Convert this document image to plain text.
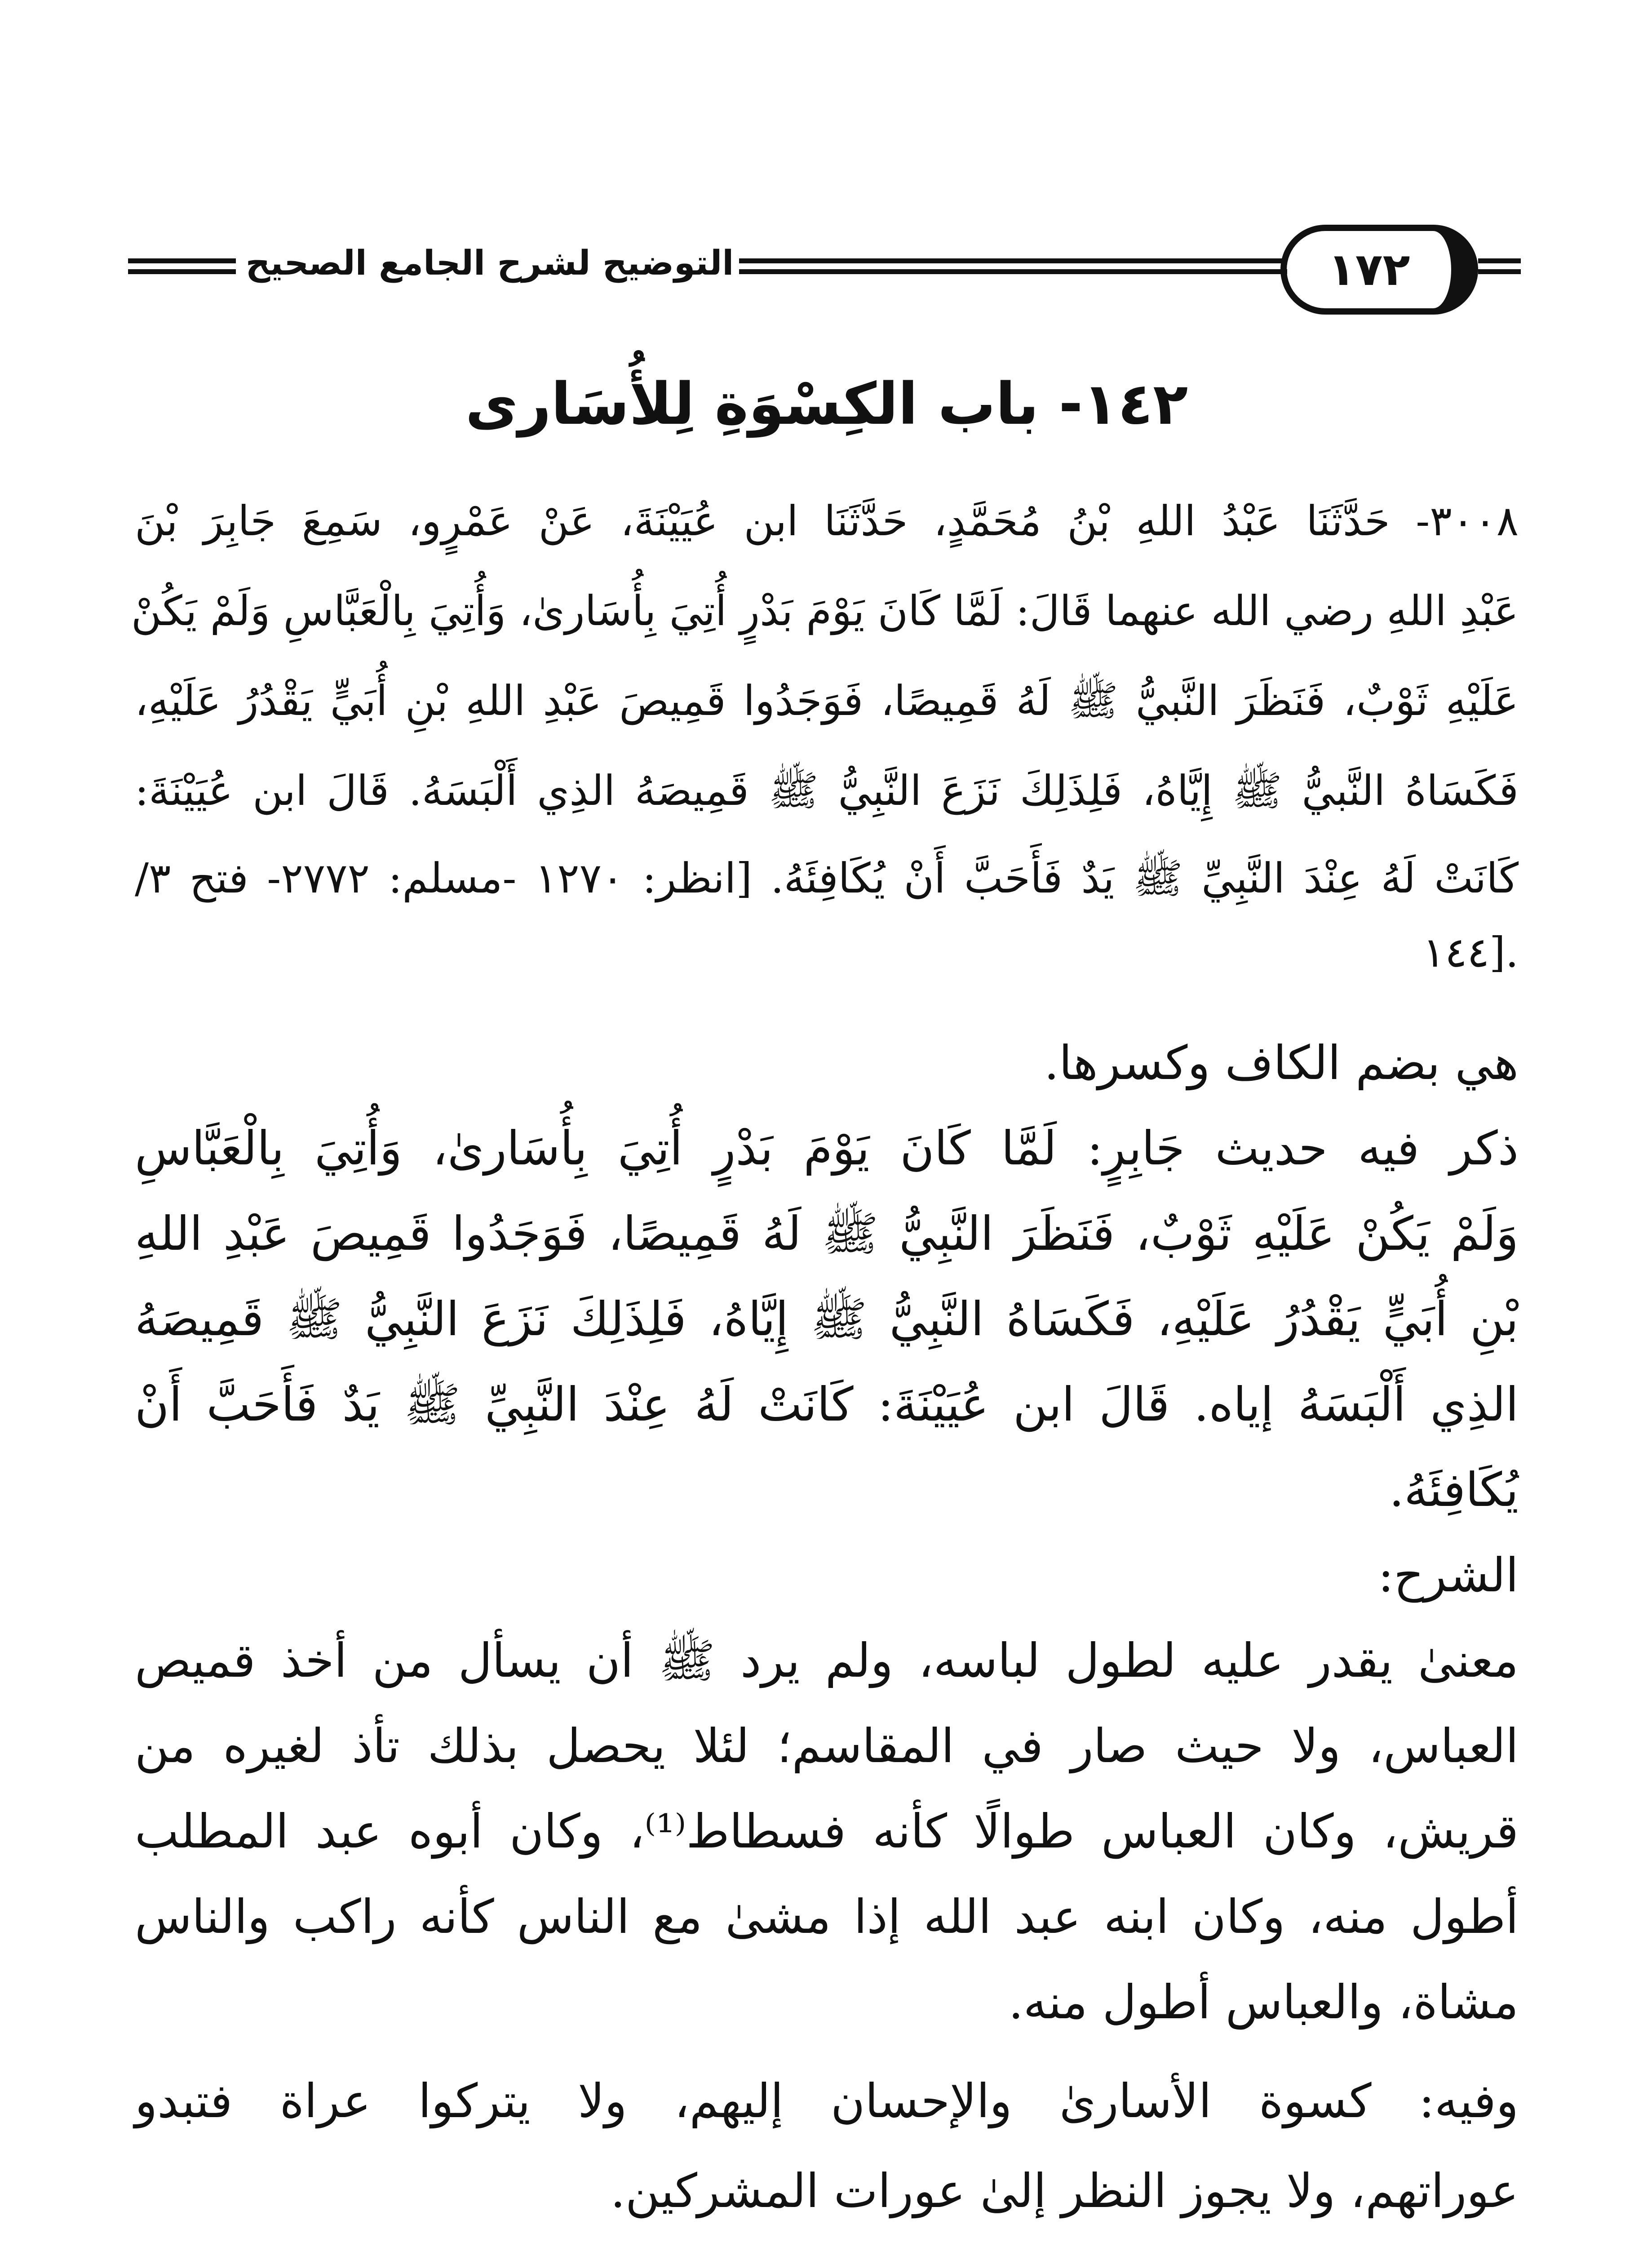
التوضيح لشرح الجامع الصحيح	١٧٢
١٤٢- باب الكِسْوَةِ لِلأُسَارى
٣٠٠٨- حَدَّثَنَا عَبْدُ اللهِ بْنُ مُحَمَّدٍ، حَدَّثَنَا ابن عُيَيْنَةَ، عَنْ عَمْرٍو، سَمِعَ جَابِرَ بْنَ
عَبْدِ اللهِ رضي الله عنهما قَالَ: لَمَّا كَانَ يَوْمَ بَدْرٍ أُتِيَ بِأُسَارىٰ، وَأُتِيَ بِالْعَبَّاسِ وَلَمْ يَكُنْ
عَلَيْهِ ثَوْبٌ، فَنَظَرَ النَّبيُّ ﷺ لَهُ قَمِيصًا، فَوَجَدُوا قَمِيصَ عَبْدِ اللهِ بْنِ أُبَيٍّ يَقْدُرُ عَلَيْهِ،
فَكَسَاهُ النَّبيُّ ﷺ إِيَّاهُ، فَلِذَلِكَ نَزَعَ النَّبِيُّ ﷺ قَمِيصَهُ الذِي أَلْبَسَهُ. قَالَ ابن عُيَيْنَةَ:
كَانَتْ لَهُ عِنْدَ النَّبِيِّ ﷺ يَدٌ فَأَحَبَّ أَنْ يُكَافِئَهُ. [انظر: ١٢٧٠ -مسلم: ٢٧٧٢- فتح ٣/
١٤٤].
هي بضم الكاف وكسرها.
ذكر فيه حديث جَابِرٍ: لَمَّا كَانَ يَوْمَ بَدْرٍ أُتِيَ بِأُسَارىٰ، وَأُتِيَ بِالْعَبَّاسِ
وَلَمْ يَكُنْ عَلَيْهِ ثَوْبٌ، فَنَظَرَ النَّبِيُّ ﷺ لَهُ قَمِيصًا، فَوَجَدُوا قَمِيصَ عَبْدِ اللهِ
بْنِ أُبَيٍّ يَقْدُرُ عَلَيْهِ، فَكَسَاهُ النَّبِيُّ ﷺ إِيَّاهُ، فَلِذَلِكَ نَزَعَ النَّبِيُّ ﷺ قَمِيصَهُ
الذِي أَلْبَسَهُ إياه. قَالَ ابن عُيَيْنَةَ: كَانَتْ لَهُ عِنْدَ النَّبِيِّ ﷺ يَدٌ فَأَحَبَّ أَنْ
يُكَافِئَهُ.
الشرح:
معنىٰ يقدر عليه لطول لباسه، ولم يرد ﷺ أن يسأل من أخذ قميص
العباس، ولا حيث صار في المقاسم؛ لئلا يحصل بذلك تأذ لغيره من
قريش، وكان العباس طوالًا كأنه فسطاط⁽¹⁾، وكان أبوه عبد المطلب
أطول منه، وكان ابنه عبد الله إذا مشىٰ مع الناس كأنه راكب والناس
مشاة، والعباس أطول منه.
وفيه: كسوة الأسارىٰ والإحسان إليهم، ولا يتركوا عراة فتبدو
عوراتهم، ولا يجوز النظر إلىٰ عورات المشركين.
